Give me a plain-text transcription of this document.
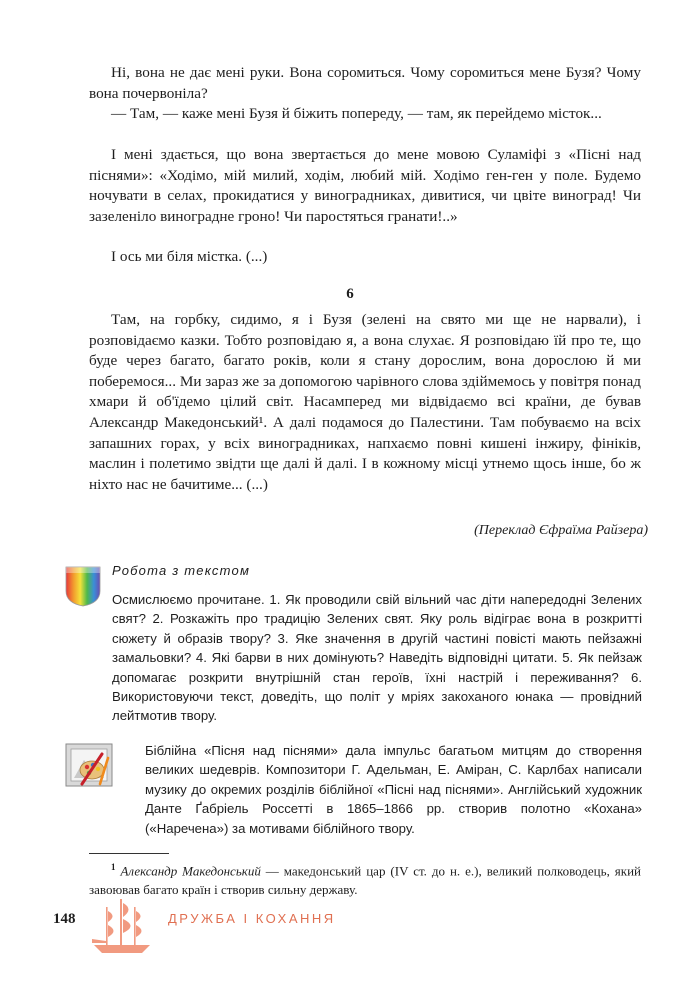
Ні, вона не дає мені руки. Вона соромиться. Чому соромиться мене Бузя? Чому вона почервоніла?

— Там, — каже мені Бузя й біжить попереду, — там, як перейдемо місток...

І мені здається, що вона звертається до мене мовою Суламіфі з «Пісні над піснями»: «Ходімо, мій милий, ходім, любий мій. Ходімо ген-ген у поле. Будемо ночувати в селах, прокидатися у виноградниках, дивитися, чи цвіте виноград! Чи зазеленіло виноградне гроно! Чи паростяться гранати!..»

І ось ми біля містка. (...)

6

Там, на горбку, сидимо, я і Бузя (зелені на свято ми ще не нарвали), і розповідаємо казки. Тобто розповідаю я, а вона слухає. Я розповідаю їй про те, що буде через багато, багато років, коли я стану дорослим, вона дорослою й ми поберемося... Ми зараз же за допомогою чарівного слова здіймемось у повітря понад хмари й об'їдемо цілий світ. Насамперед ми відвідаємо всі країни, де бував Александр Македонський¹. А далі подамося до Палестини. Там побуваємо на всіх запашних горах, у всіх виноградниках, напхаємо повні кишені інжиру, фініків, маслин і полетимо звідти ще далі й далі. І в кожному місці утнемо щось інше, бо ж ніхто нас не бачитиме... (...)

(Переклад Єфраїма Райзера)
Робота з текстом

Осмислюємо прочитане. 1. Як проводили свій вільний час діти напередодні Зелених свят? 2. Розкажіть про традицію Зелених свят. Яку роль відіграє вона в розкритті сюжету й образів твору? 3. Яке значення в другій частині повісті мають пейзажні замальовки? 4. Які барви в них домінують? Наведіть відповідні цитати. 5. Як пейзаж допомагає розкрити внутрішній стан героїв, їхні настрій і переживання? 6. Використовуючи текст, доведіть, що політ у мріях закоханого юнака — провідний лейтмотив твору.

Біблійна «Пісня над піснями» дала імпульс багатьом митцям до створення великих шедеврів. Композитори Г. Адельман, Е. Аміран, С. Карлбах написали музику до окремих розділів біблійної «Пісні над піснями». Англійський художник Данте Ґабріель Россетті в 1865–1866 рр. створив полотно «Кохана» («Наречена») за мотивами біблійного твору.

$^1$ Александр Македонський — македонський цар (IV ст. до н. е.), великий полководець, який завоював багато країн і створив сильну державу.

148	ДРУЖБА І КОХАННЯ
